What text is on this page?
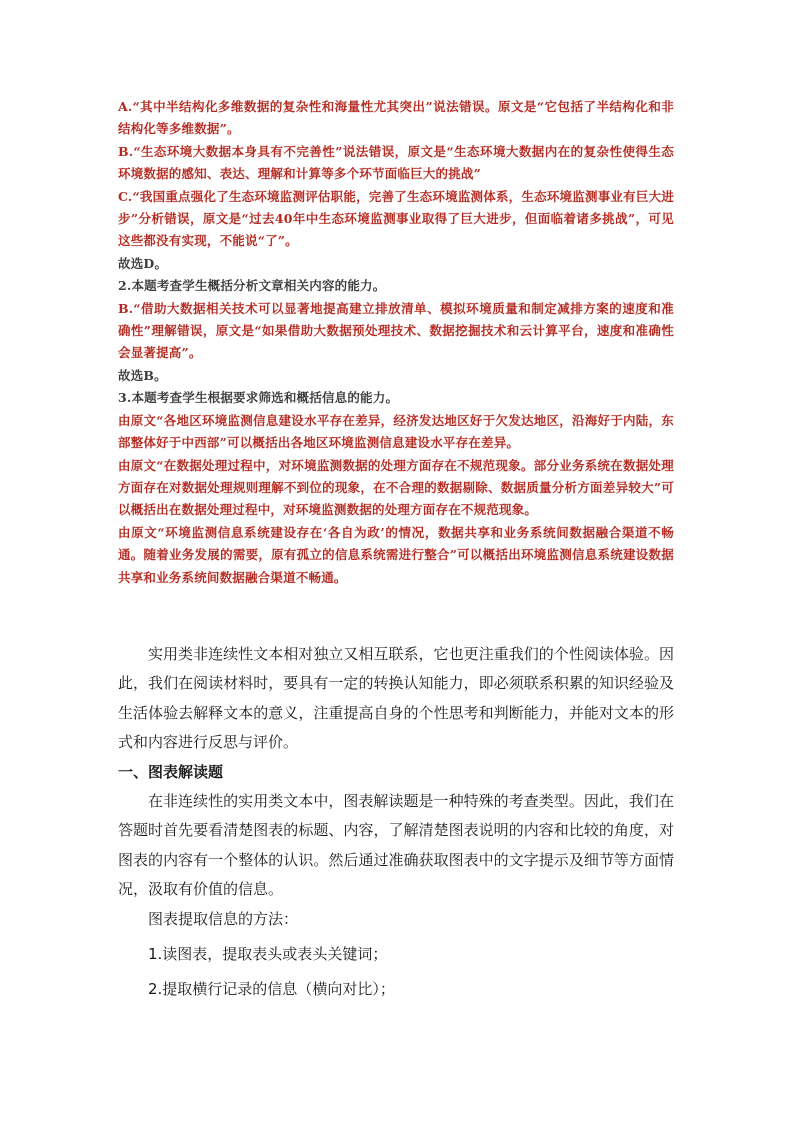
A.“其中半结构化多维数据的复杂性和海量性尤其突出”说法错误。原文是“它包括了半结构化和非结构化等多维数据”。

B.“生态环境大数据本身具有不完善性”说法错误，原文是“生态环境大数据内在的复杂性使得生态环境数据的感知、表达、理解和计算等多个环节面临巨大的挑战”

C.“我国重点强化了生态环境监测评估职能，完善了生态环境监测体系，生态环境监测事业有巨大进步”分析错误，原文是“过去40年中生态环境监测事业取得了巨大进步，但面临着诸多挑战”，可见这些都没有实现，不能说“了”。

故选D。

2.本题考查学生概括分析文章相关内容的能力。

B.“借助大数据相关技术可以显著地提高建立排放清单、模拟环境质量和制定减排方案的速度和准确性”理解错误，原文是“如果借助大数据预处理技术、数据挖掘技术和云计算平台，速度和准确性会显著提高”。

故选B。

3.本题考查学生根据要求筛选和概括信息的能力。

由原文“各地区环境监测信息建设水平存在差异，经济发达地区好于欠发达地区，沿海好于内陆，东部整体好于中西部”可以概括出各地区环境监测信息建设水平存在差异。

由原文“在数据处理过程中，对环境监测数据的处理方面存在不规范现象。部分业务系统在数据处理方面存在对数据处理规则理解不到位的现象，在不合理的数据剔除、数据质量分析方面差异较大”可以概括出在数据处理过程中，对环境监测数据的处理方面存在不规范现象。

由原文“环境监测信息系统建设存在‘各自为政’的情况，数据共享和业务系统间数据融合渠道不畅通。随着业务发展的需要，原有孤立的信息系统需进行整合”可以概括出环境监测信息系统建设数据共享和业务系统间数据融合渠道不畅通。

实用类非连续性文本相对独立又相互联系，它也更注重我们的个性阅读体验。因此，我们在阅读材料时，要具有一定的转换认知能力，即必须联系积累的知识经验及生活体验去解释文本的意义，注重提高自身的个性思考和判断能力，并能对文本的形式和内容进行反思与评价。

一、图表解读题

在非连续性的实用类文本中，图表解读题是一种特殊的考查类型。因此，我们在答题时首先要看清楚图表的标题、内容，了解清楚图表说明的内容和比较的角度，对图表的内容有一个整体的认识。然后通过准确获取图表中的文字提示及细节等方面情况，汲取有价值的信息。

图表提取信息的方法：

1.读图表，提取表头或表头关键词；

2.提取横行记录的信息（横向对比）；
